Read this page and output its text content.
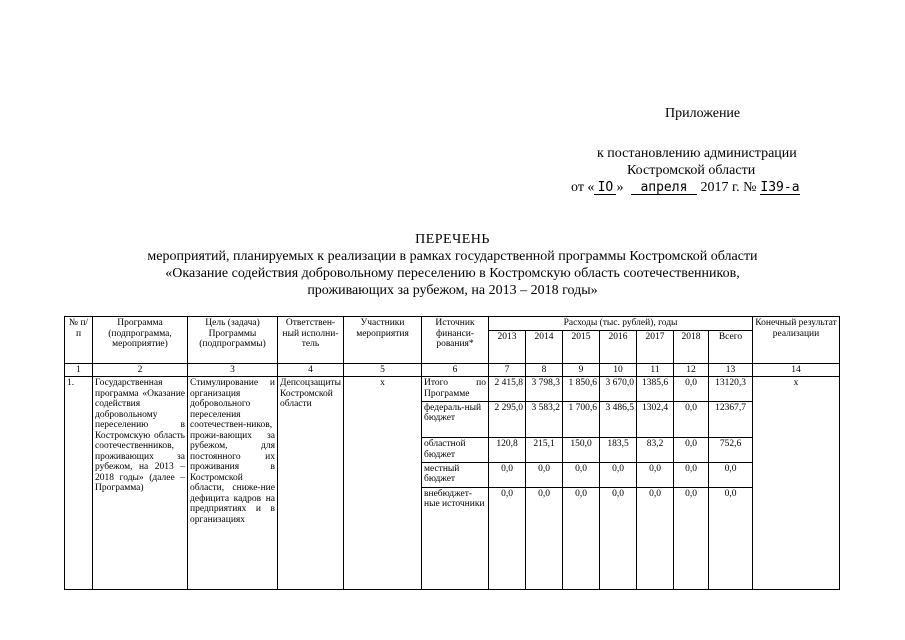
Приложение
к постановлению администрации
Костромской области
от « IO » апреля 2017 г. № I39-а
ПЕРЕЧЕНЬ
мероприятий, планируемых к реализации в рамках государственной программы Костромской области
«Оказание содействия добровольному переселению в Костромскую область соотечественников,
проживающих за рубежом, на 2013 – 2018 годы»
№ п/п	Программа (подпрограмма, мероприятие)	Цель (задача) Программы (подпрограммы)	Ответствен-ный исполни-тель	Участники мероприятия	Источник финанси-рования*	Расходы (тыс. рублей), годы							Конечный результат реализации
						2013	2014	2015	2016	2017	2018	Всего	
1	2	3	4	5	6	7	8	9	10	11	12	13	14
1.	Государственная программа «Оказание содействия добровольному переселению в Костромскую область соотечественников, проживающих за рубежом, на 2013 – 2018 годы» (далее – Программа)	Стимулирование и организация добровольного переселения соотечествен-ников, прожи-вающих за рубежом, для постоянного их проживания в Костромской области, сниже-ние дефицита кадров на предприятиях и в организациях	Депсоцзащиты Костромской области	х	Итого по Программе	2 415,8	3 798,3	1 850,6	3 670,0	1385,6	0,0	13120,3	х
					федераль-ный бюджет	2 295,0	3 583,2	1 700,6	3 486,5	1302,4	0,0	12367,7	
					областной бюджет	120,8	215,1	150,0	183,5	83,2	0,0	752,6	
					местный бюджет	0,0	0,0	0,0	0,0	0,0	0,0	0,0	
					внебюджет-ные источники	0,0	0,0	0,0	0,0	0,0	0,0	0,0	
